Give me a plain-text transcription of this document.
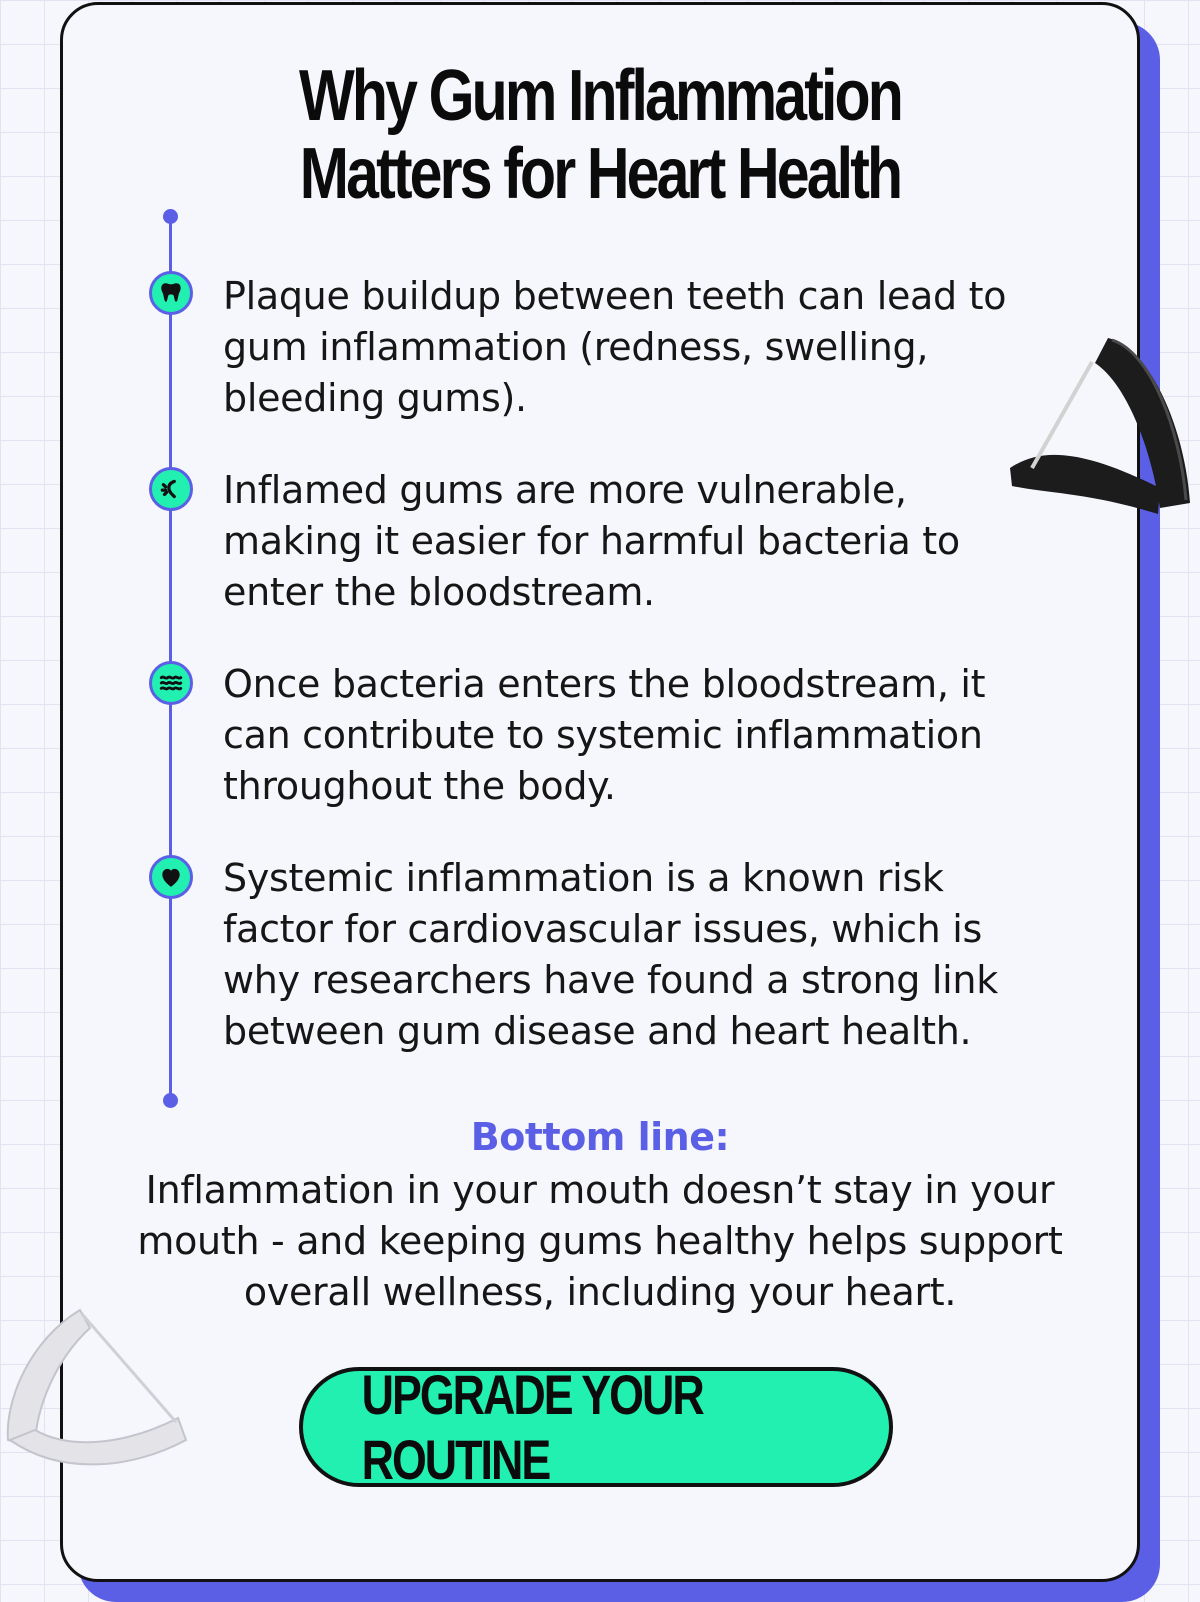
Why Gum Inflammation
Matters for Heart Health

Plaque buildup between teeth can lead to gum inflammation (redness, swelling, bleeding gums).

Inflamed gums are more vulnerable, making it easier for harmful bacteria to enter the bloodstream.

Once bacteria enters the bloodstream, it can contribute to systemic inflammation throughout the body.

Systemic inflammation is a known risk factor for cardiovascular issues, which is why researchers have found a strong link between gum disease and heart health.

Bottom line:

Inflammation in your mouth doesn’t stay in your mouth - and keeping gums healthy helps support overall wellness, including your heart.

UPGRADE YOUR ROUTINE
